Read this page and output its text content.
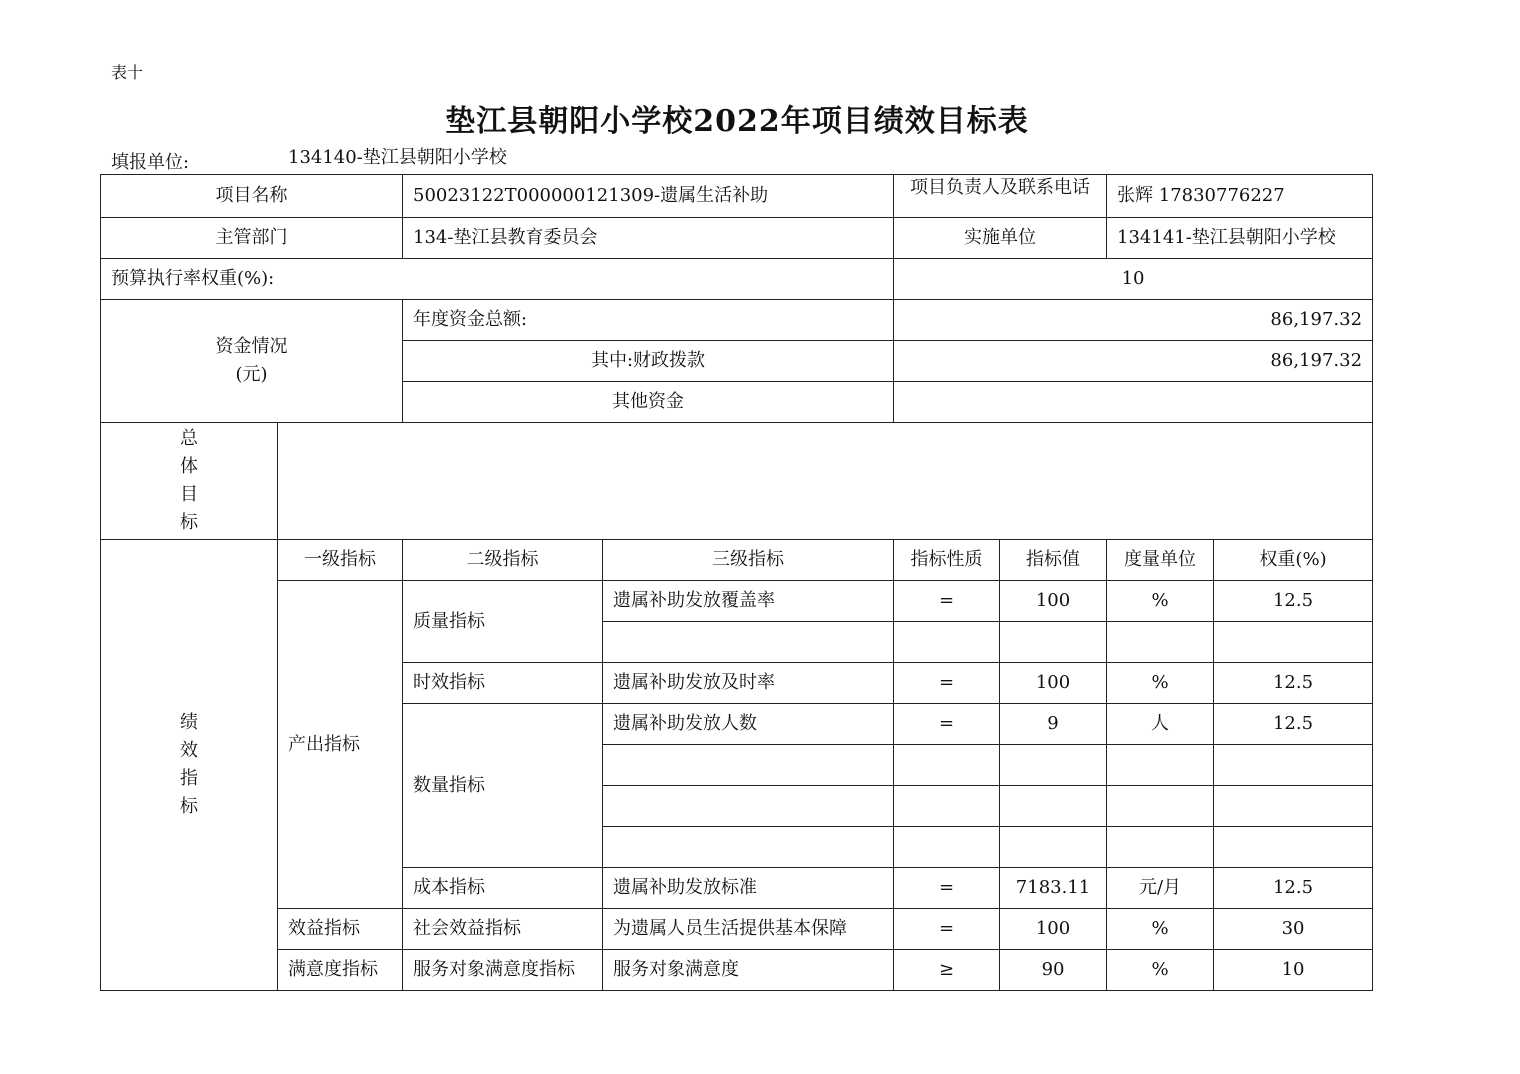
表十
垫江县朝阳小学校2022年项目绩效目标表
填报单位:	134140-垫江县朝阳小学校
项目名称		50023122T000000121309-遗属生活补助		项目负责人及联系电话		张辉 17830776227	
主管部门		134-垫江县教育委员会		实施单位		134141-垫江县朝阳小学校	
预算执行率权重(%):				10			

资金情况
(元)		年度资金总额:		86,197.32			
		其中:财政拨款		86,197.32			
		其他资金					

总
体
目
标							

绩
效
指
标	一级指标	二级指标	三级指标	指标性质	指标值	度量单位	权重(%)
	产出指标	质量指标	遗属补助发放覆盖率	=	100	%	12.5

		时效指标	遗属补助发放及时率	=	100	%	12.5
		数量指标	遗属补助发放人数	=	9	人	12.5

		成本指标	遗属补助发放标准	=	7183.11	元/月	12.5
	效益指标	社会效益指标	为遗属人员生活提供基本保障	=	100	%	30
	满意度指标	服务对象满意度指标	服务对象满意度	≥	90	%	10
